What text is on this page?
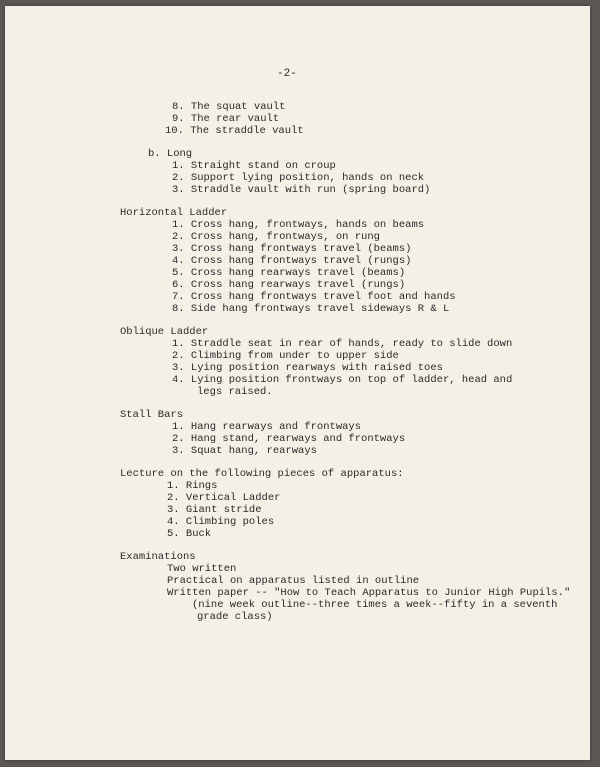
-2-
8. The squat vault
9. The rear vault
10. The straddle vault
b. Long
1. Straight stand on croup
2. Support lying position, hands on neck
3. Straddle vault with run (spring board)
Horizontal Ladder
1. Cross hang, frontways, hands on beams
2. Cross hang, frontways, on rung
3. Cross hang frontways travel (beams)
4. Cross hang frontways travel (rungs)
5. Cross hang rearways travel (beams)
6. Cross hang rearways travel (rungs)
7. Cross hang frontways travel foot and hands
8. Side hang frontways travel sideways R & L
Oblique Ladder
1. Straddle seat in rear of hands, ready to slide down
2. Climbing from under to upper side
3. Lying position rearways with raised toes
4. Lying position frontways on top of ladder, head and
legs raised.
Stall Bars
1. Hang rearways and frontways
2. Hang stand, rearways and frontways
3. Squat hang, rearways
Lecture on the following pieces of apparatus:
1. Rings
2. Vertical Ladder
3. Giant stride
4. Climbing poles
5. Buck
Examinations
Two written
Practical on apparatus listed in outline
Written paper -- "How to Teach Apparatus to Junior High Pupils."
(nine week outline--three times a week--fifty in a seventh
grade class)
